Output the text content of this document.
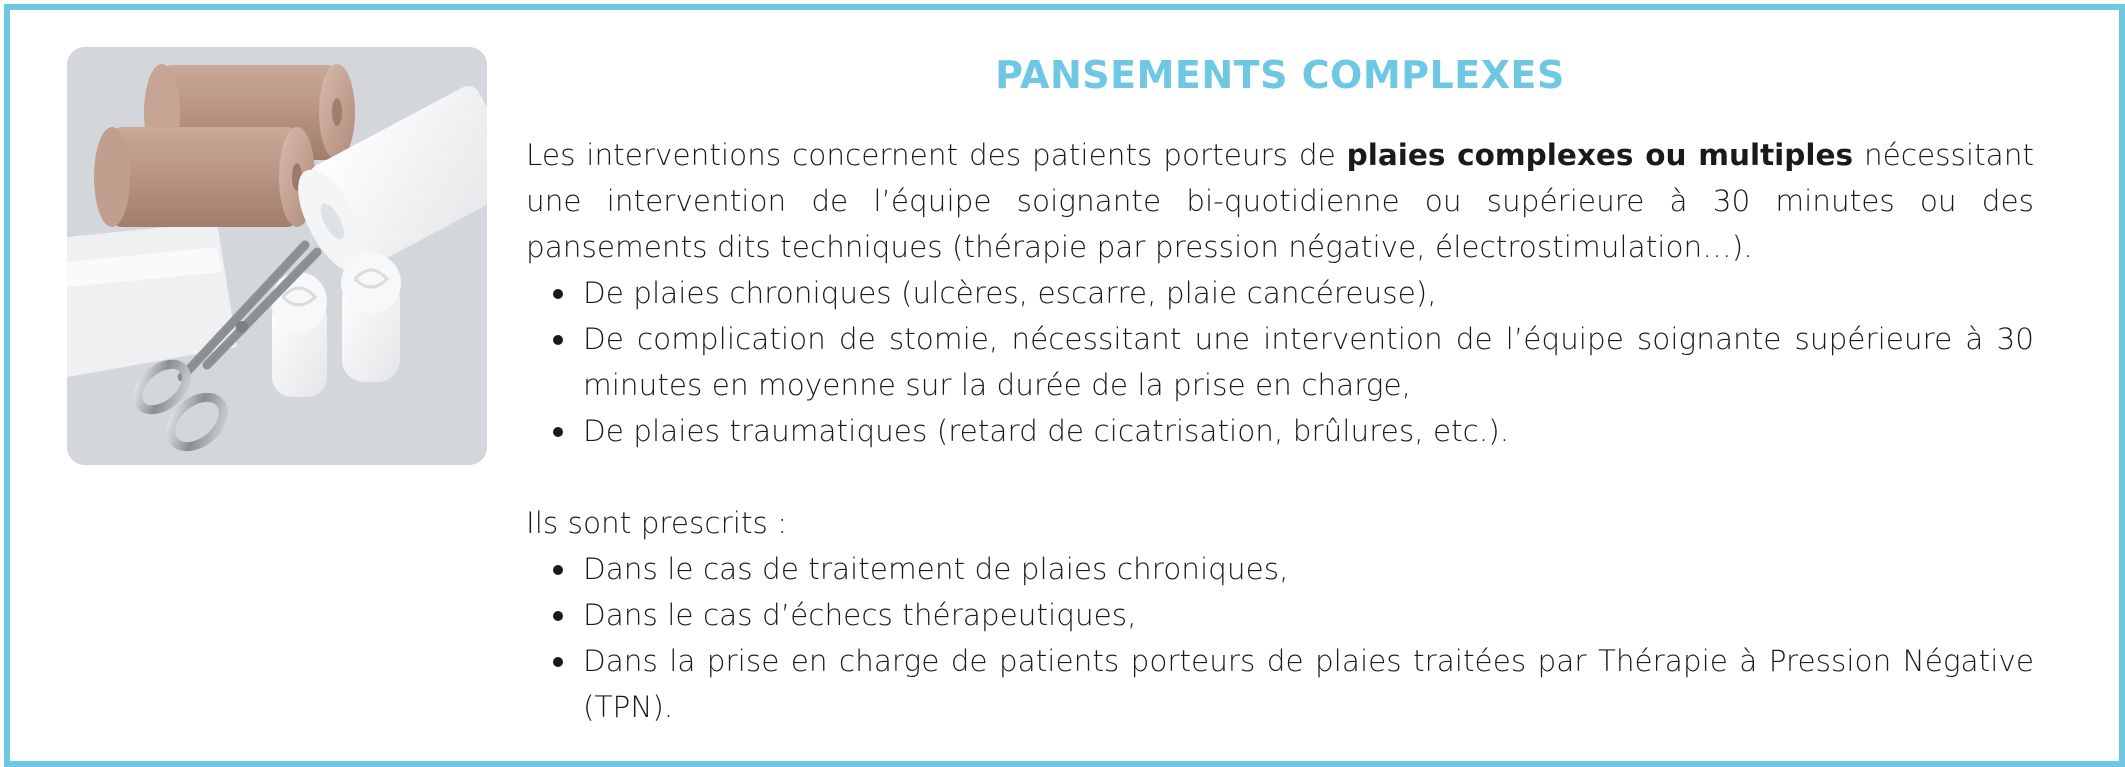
PANSEMENTS COMPLEXES

Les interventions concernent des patients porteurs de plaies complexes ou multiples nécessitant une intervention de l’équipe soignante bi-quotidienne ou supérieure à 30 minutes ou des pansements dits techniques (thérapie par pression négative, électrostimulation…).

De plaies chroniques (ulcères, escarre, plaie cancéreuse),
De complication de stomie, nécessitant une intervention de l’équipe soignante supérieure à 30 minutes en moyenne sur la durée de la prise en charge,
De plaies traumatiques (retard de cicatrisation, brûlures, etc.).

Ils sont prescrits :

Dans le cas de traitement de plaies chroniques,
Dans le cas d’échecs thérapeutiques,
Dans la prise en charge de patients porteurs de plaies traitées par Thérapie à Pression Négative (TPN).
